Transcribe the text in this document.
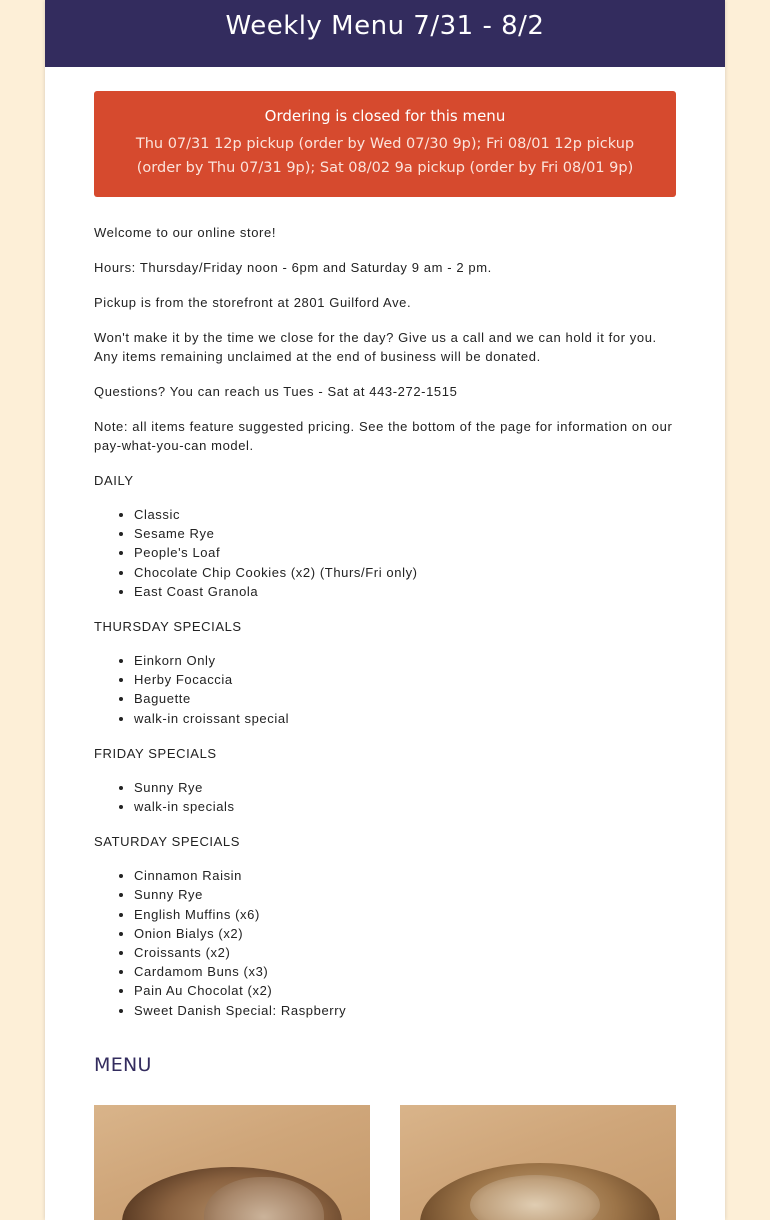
Weekly Menu 7/31 - 8/2
Ordering is closed for this menu
Thu 07/31 12p pickup (order by Wed 07/30 9p); Fri 08/01 12p pickup (order by Thu 07/31 9p); Sat 08/02 9a pickup (order by Fri 08/01 9p)

Welcome to our online store!

Hours: Thursday/Friday noon - 6pm and Saturday 9 am - 2 pm.

Pickup is from the storefront at 2801 Guilford Ave.

Won't make it by the time we close for the day? Give us a call and we can hold it for you. Any items remaining unclaimed at the end of business will be donated.

Questions? You can reach us Tues - Sat at 443-272-1515

Note: all items feature suggested pricing. See the bottom of the page for information on our pay-what-you-can model.

DAILY

• Classic
• Sesame Rye
• People's Loaf
• Chocolate Chip Cookies (x2) (Thurs/Fri only)
• East Coast Granola

THURSDAY SPECIALS

• Einkorn Only
• Herby Focaccia
• Baguette
• walk-in croissant special

FRIDAY SPECIALS

• Sunny Rye
• walk-in specials

SATURDAY SPECIALS

• Cinnamon Raisin
• Sunny Rye
• English Muffins (x6)
• Onion Bialys (x2)
• Croissants (x2)
• Cardamom Buns (x3)
• Pain Au Chocolat (x2)
• Sweet Danish Special: Raspberry
MENU
